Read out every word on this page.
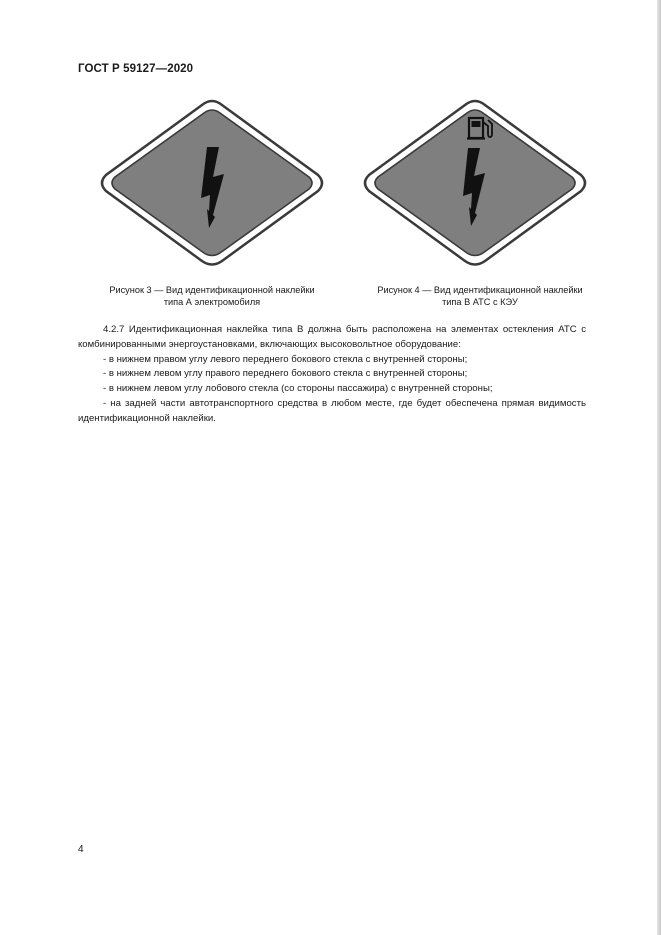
ГОСТ Р 59127—2020
Рисунок 3 — Вид идентификационной наклейки
типа А электромобиля
Рисунок 4 — Вид идентификационной наклейки
типа В АТС с КЭУ

4.2.7 Идентификационная наклейка типа В должна быть расположена на элементах остекления АТС с комбинированными энергоустановками, включающих высоковольтное оборудование:

- в нижнем правом углу левого переднего бокового стекла с внутренней стороны;

- в нижнем левом углу правого переднего бокового стекла с внутренней стороны;

- в нижнем левом углу лобового стекла (со стороны пассажира) с внутренней стороны;

- на задней части автотранспортного средства в любом месте, где будет обеспечена прямая видимость идентификационной наклейки.

4
